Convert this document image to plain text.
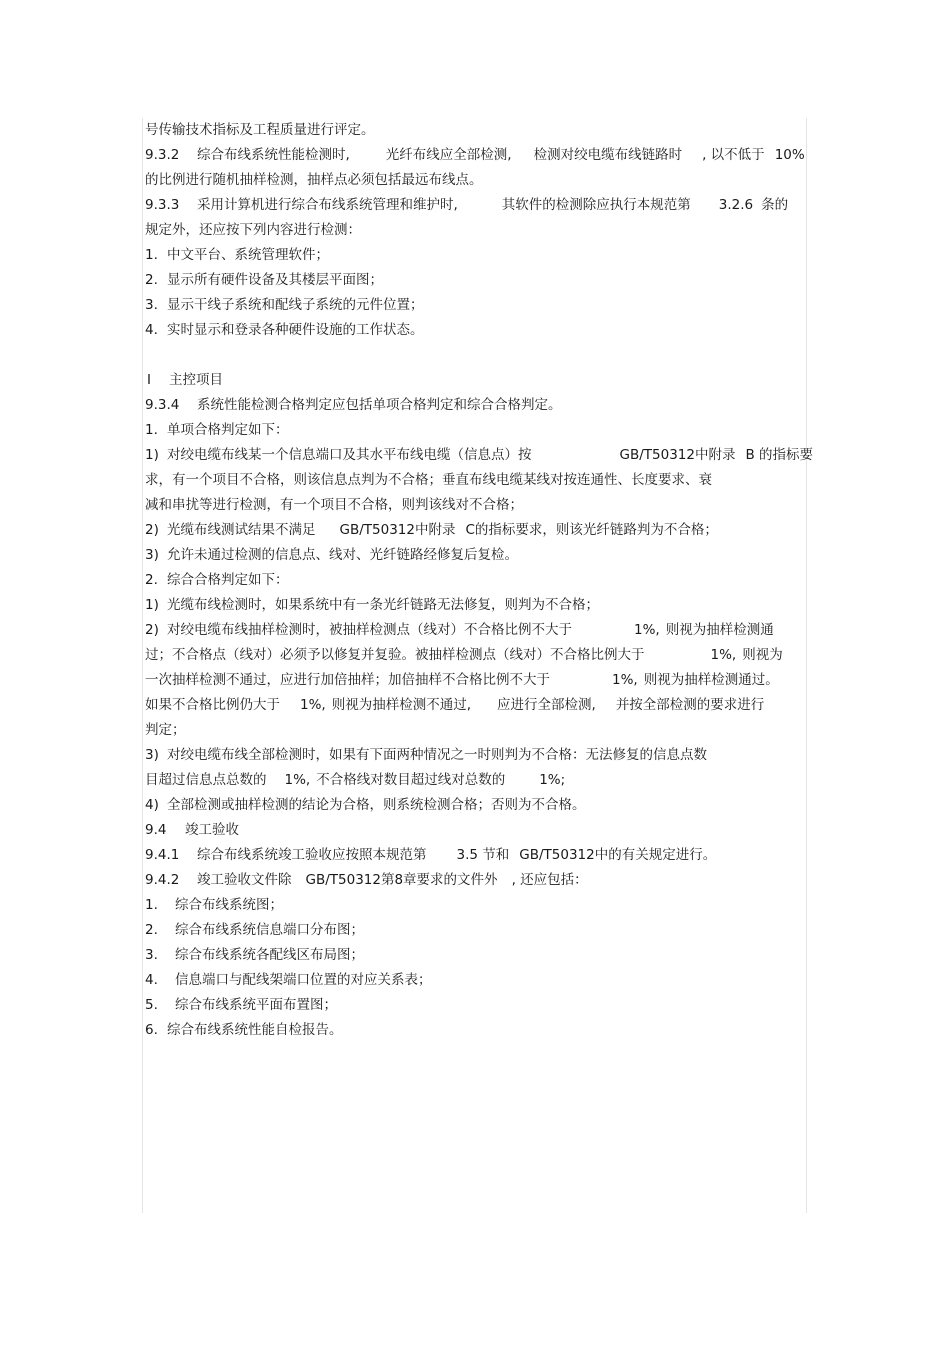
号传输技术指标及工程质量进行评定。
9.3.2 综合布线系统性能检测时,	光纤布线应全部检测, 检测对绞电缆布线链路时 , 以不低于 10%
的比例进行随机抽样检测，抽样点必须包括最远布线点。
9.3.3 采用计算机进行综合布线系统管理和维护时,	其软件的检测除应执行本规范第 3.2.6 条的
规定外，还应按下列内容进行检测：
1. 中文平台、系统管理软件；
2. 显示所有硬件设备及其楼层平面图；
3. 显示干线子系统和配线子系统的元件位置；
4. 实时显示和登录各种硬件设施的工作状态。
Ⅰ 主控项目
9.3.4 系统性能检测合格判定应包括单项合格判定和综合合格判定。
1. 单项合格判定如下：
1) 对绞电缆布线某一个信息端口及其水平布线电缆（信息点）按	GB/T50312中附录 B 的指标要
求，有一个项目不合格，则该信息点判为不合格；垂直布线电缆某线对按连通性、长度要求、衰
减和串扰等进行检测，有一个项目不合格，则判该线对不合格；
2) 光缆布线测试结果不满足 GB/T50312中附录 C的指标要求，则该光纤链路判为不合格；
3) 允许未通过检测的信息点、线对、光纤链路经修复后复检。
2. 综合合格判定如下：
1) 光缆布线检测时，如果系统中有一条光纤链路无法修复，则判为不合格；
2) 对绞电缆布线抽样检测时，被抽样检测点（线对）不合格比例不大于	1%, 则视为抽样检测通
过；不合格点（线对）必须予以修复并复验。被抽样检测点（线对）不合格比例大于	1%, 则视为
一次抽样检测不通过，应进行加倍抽样；加倍抽样不合格比例不大于	1%, 则视为抽样检测通过。
如果不合格比例仍大于 1%, 则视为抽样检测不通过, 应进行全部检测, 并按全部检测的要求进行
判定；
3) 对绞电缆布线全部检测时，如果有下面两种情况之一时则判为不合格：无法修复的信息点数
目超过信息点总数的 1%, 不合格线对数目超过线对总数的	1%;
4) 全部检测或抽样检测的结论为合格，则系统检测合格；否则为不合格。
9.4 竣工验收
9.4.1 综合布线系统竣工验收应按照本规范第 3.5 节和 GB/T50312中的有关规定进行。
9.4.2 竣工验收文件除 GB/T50312第8章要求的文件外 , 还应包括：
1. 综合布线系统图；
2. 综合布线系统信息端口分布图；
3. 综合布线系统各配线区布局图；
4. 信息端口与配线架端口位置的对应关系表；
5. 综合布线系统平面布置图；
6. 综合布线系统性能自检报告。
